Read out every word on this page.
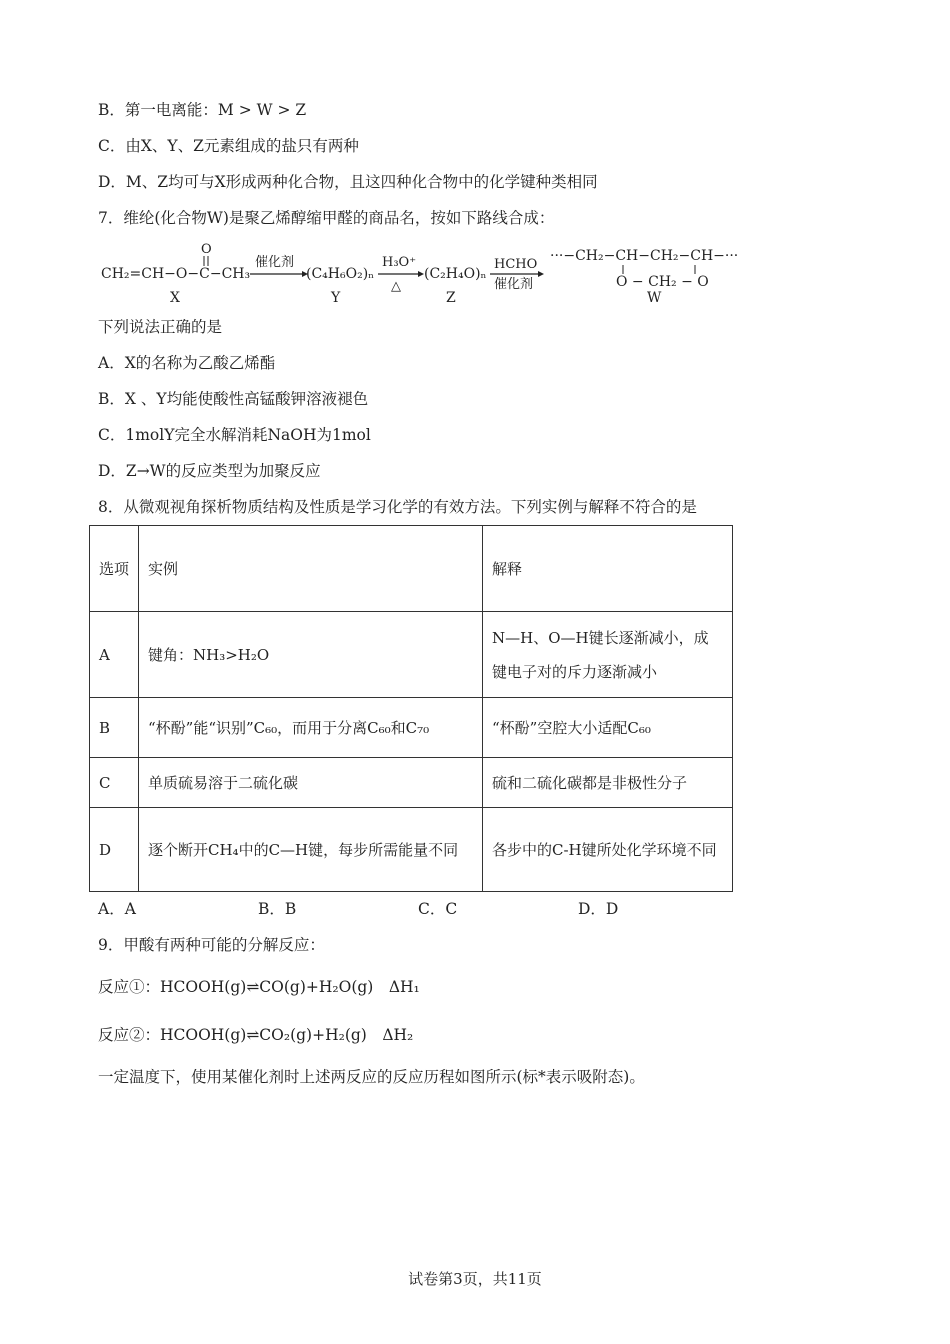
B．第一电离能：M > W > Z
C．由X、Y、Z元素组成的盐只有两种
D．M、Z均可与X形成两种化合物，且这四种化合物中的化学键种类相同
7．维纶(化合物W)是聚乙烯醇缩甲醛的商品名，按如下路线合成：
CH₂=CH−O−C−CH₃
O
X
催化剂
(C₄H₆O₂)ₙ
Y
H₃O⁺
△
(C₂H₄O)ₙ
Z
HCHO
催化剂
···−CH₂−CH−CH₂−CH−···
O − CH₂ − O
W
下列说法正确的是
A．X的名称为乙酸乙烯酯
B．X 、Y均能使酸性高锰酸钾溶液褪色
C．1molY完全水解消耗NaOH为1mol
D．Z→W的反应类型为加聚反应
8．从微观视角探析物质结构及性质是学习化学的有效方法。下列实例与解释不符合的是
选项	实例	解释
A	键角：NH₃>H₂O	N—H、O—H键长逐渐减小，成键电子对的斥力逐渐减小
B	“杯酚”能“识别”C₆₀，而用于分离C₆₀和C₇₀	“杯酚”空腔大小适配C₆₀
C	单质硫易溶于二硫化碳	硫和二硫化碳都是非极性分子
D	逐个断开CH₄中的C—H键，每步所需能量不同	各步中的C-H键所处化学环境不同
A．A	B．B	C．C	D．D
9．甲酸有两种可能的分解反应：
反应①：HCOOH(g)⇌CO(g)+H₂O(g)　ΔH₁
反应②：HCOOH(g)⇌CO₂(g)+H₂(g)　ΔH₂
一定温度下，使用某催化剂时上述两反应的反应历程如图所示(标*表示吸附态)。
试卷第3页，共11页
